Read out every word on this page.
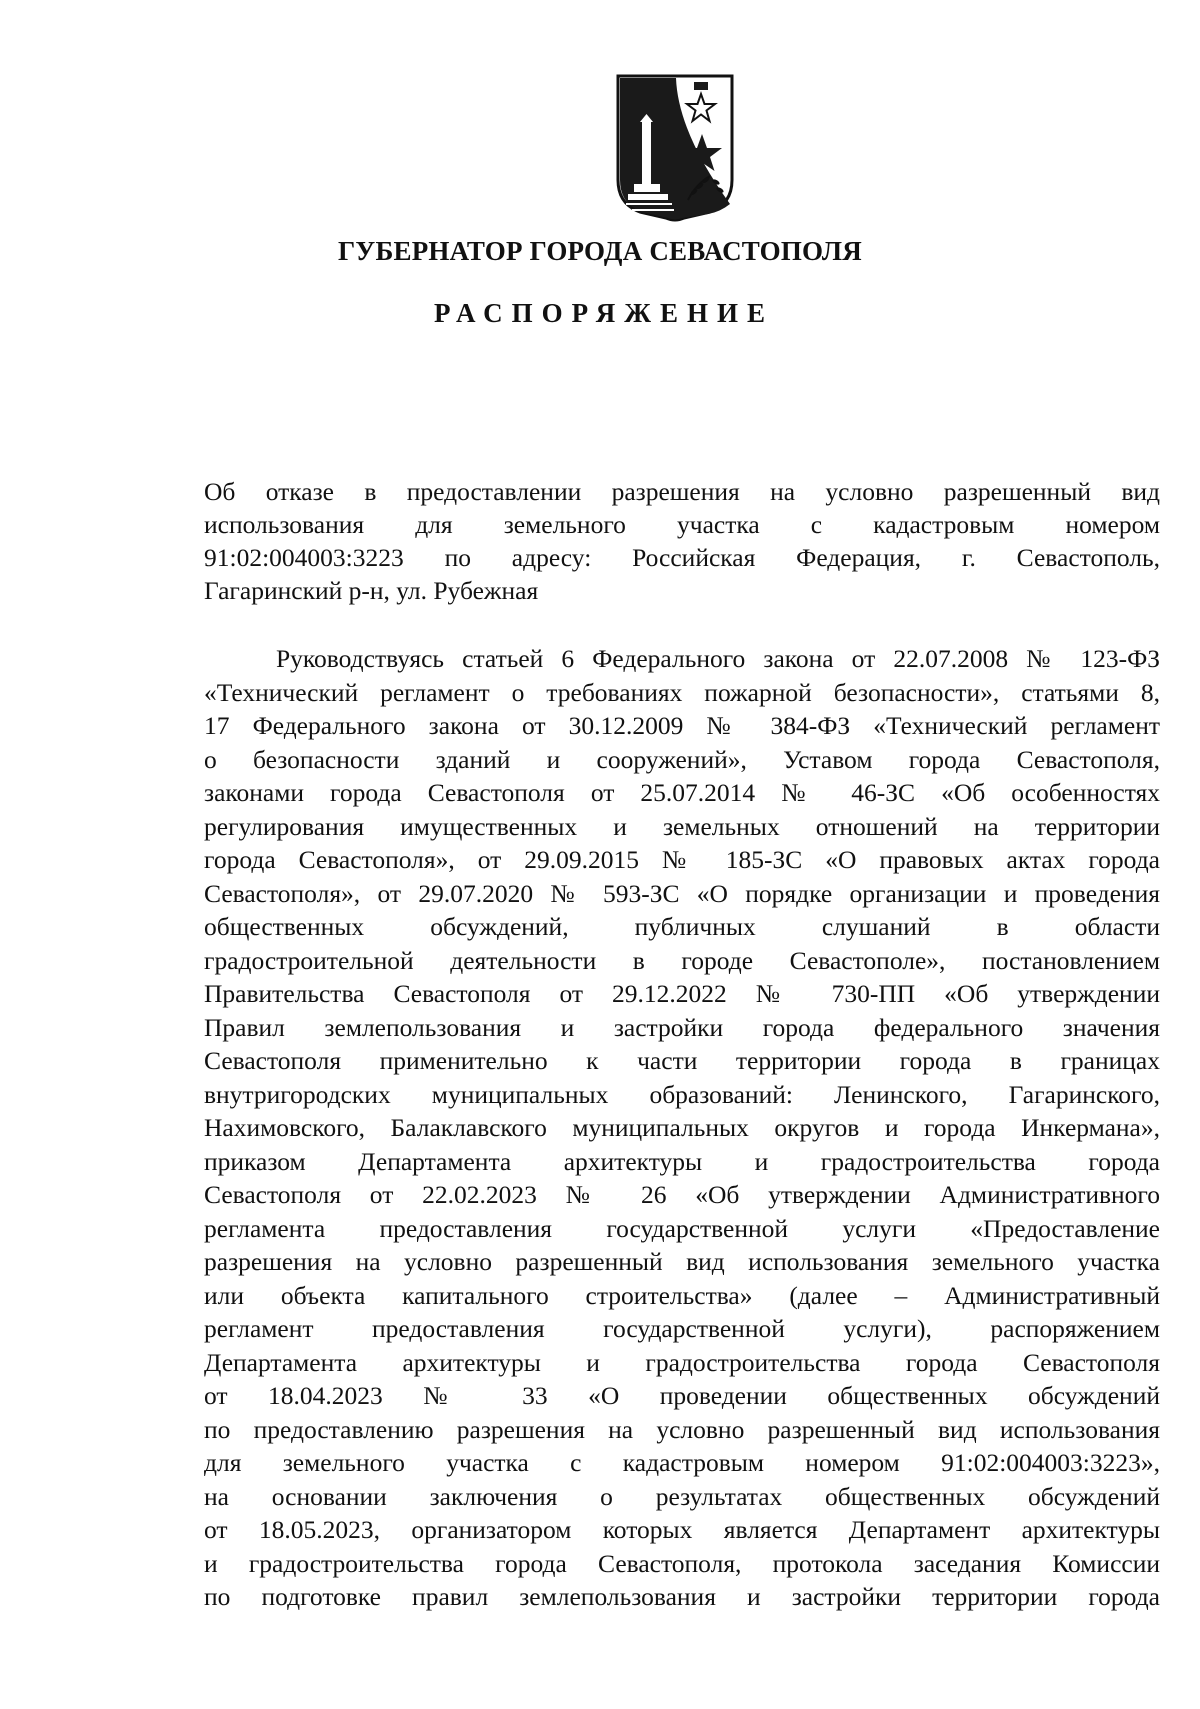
ГУБЕРНАТОР ГОРОДА СЕВАСТОПОЛЯ
РАСПОРЯЖЕНИЕ
Об отказе в предоставлении разрешения на условно разрешенный вид
использования для земельного участка с кадастровым номером
91:02:004003:3223 по адресу: Российская Федерация, г. Севастополь,
Гагаринский р-н, ул. Рубежная
Руководствуясь статьей 6 Федерального закона от 22.07.2008 № 123-ФЗ
«Технический регламент о требованиях пожарной безопасности», статьями 8,
17 Федерального закона от 30.12.2009 № 384-ФЗ «Технический регламент
о безопасности зданий и сооружений», Уставом города Севастополя,
законами города Севастополя от 25.07.2014 № 46-ЗС «Об особенностях
регулирования имущественных и земельных отношений на территории
города Севастополя», от 29.09.2015 № 185-ЗС «О правовых актах города
Севастополя», от 29.07.2020 № 593-ЗС «О порядке организации и проведения
общественных обсуждений, публичных слушаний в области
градостроительной деятельности в городе Севастополе», постановлением
Правительства Севастополя от 29.12.2022 № 730-ПП «Об утверждении
Правил землепользования и застройки города федерального значения
Севастополя применительно к части территории города в границах
внутригородских муниципальных образований: Ленинского, Гагаринского,
Нахимовского, Балаклавского муниципальных округов и города Инкермана»,
приказом Департамента архитектуры и градостроительства города
Севастополя от 22.02.2023 № 26 «Об утверждении Административного
регламента предоставления государственной услуги «Предоставление
разрешения на условно разрешенный вид использования земельного участка
или объекта капитального строительства» (далее – Административный
регламент предоставления государственной услуги), распоряжением
Департамента архитектуры и градостроительства города Севастополя
от 18.04.2023 № 33 «О проведении общественных обсуждений
по предоставлению разрешения на условно разрешенный вид использования
для земельного участка с кадастровым номером 91:02:004003:3223»,
на основании заключения о результатах общественных обсуждений
от 18.05.2023, организатором которых является Департамент архитектуры
и градостроительства города Севастополя, протокола заседания Комиссии
по подготовке правил землепользования и застройки территории города
